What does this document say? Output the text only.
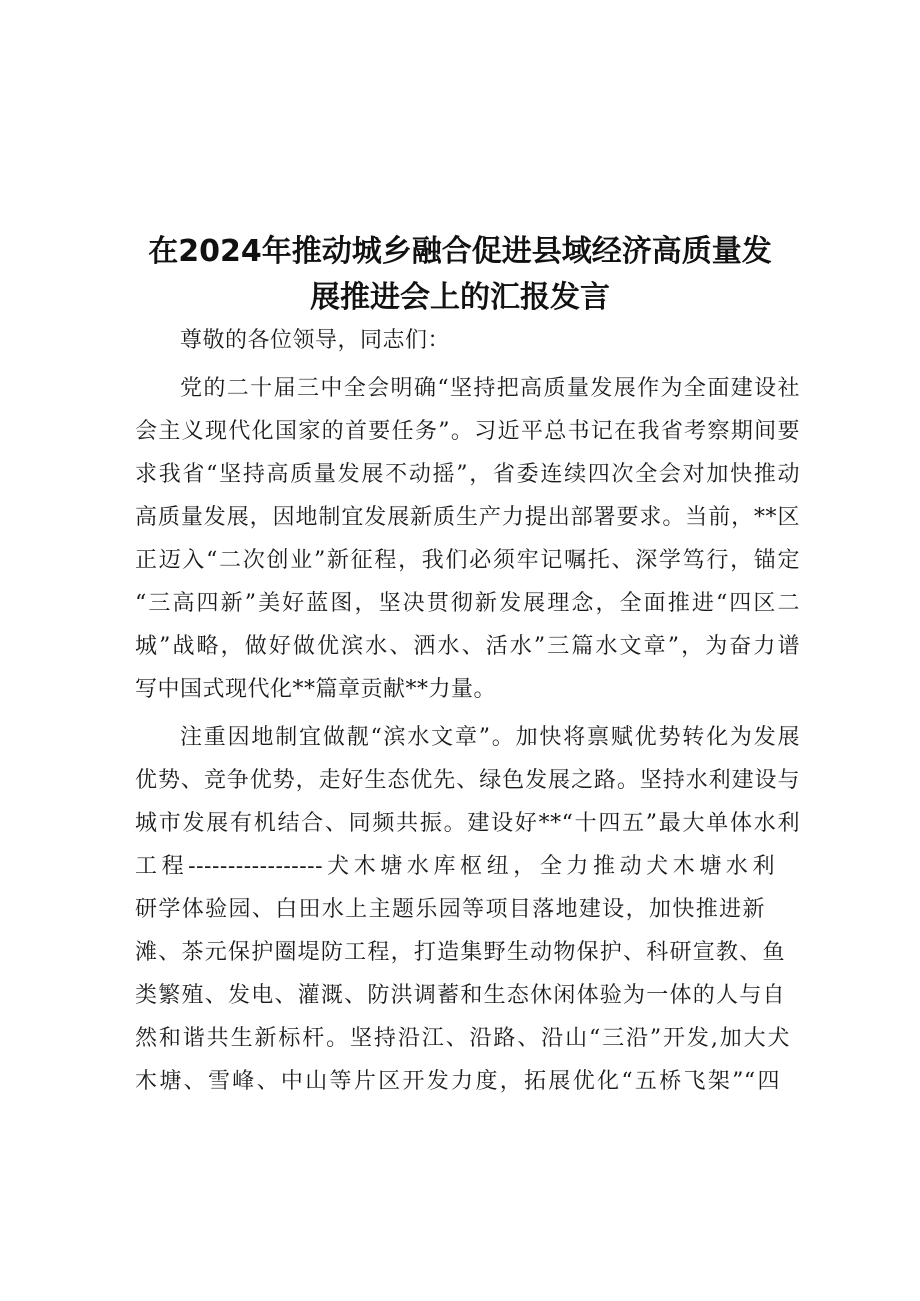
在2024年推动城乡融合促进县域经济高质量发
展推进会上的汇报发言
尊敬的各位领导，同志们：
党的二十届三中全会明确“坚持把高质量发展作为全面建设社
会主义现代化国家的首要任务”。习近平总书记在我省考察期间要
求我省“坚持高质量发展不动摇”，省委连续四次全会对加快推动
高质量发展，因地制宜发展新质生产力提出部署要求。当前，**区
正迈入“二次创业”新征程，我们必须牢记嘱托、深学笃行，锚定
“三高四新”美好蓝图，坚决贯彻新发展理念，全面推进“四区二
城”战略，做好做优滨水、洒水、活水”三篇水文章”，为奋力谱
写中国式现代化**篇章贡献**力量。
注重因地制宜做靓“滨水文章”。加快将禀赋优势转化为发展
优势、竞争优势，走好生态优先、绿色发展之路。坚持水利建设与
城市发展有机结合、同频共振。建设好**“十四五”最大单体水利
工程-----------------犬木塘水库枢纽，全力推动犬木塘水利
研学体验园、白田水上主题乐园等项目落地建设，加快推进新
滩、茶元保护圈堤防工程，打造集野生动物保护、科研宣教、鱼
类繁殖、发电、灌溉、防洪调蓄和生态休闲体验为一体的人与自
然和谐共生新标杆。坚持沿江、沿路、沿山“三沿”开发,加大犬
木塘、雪峰、中山等片区开发力度，拓展优化“五桥飞架”“四
